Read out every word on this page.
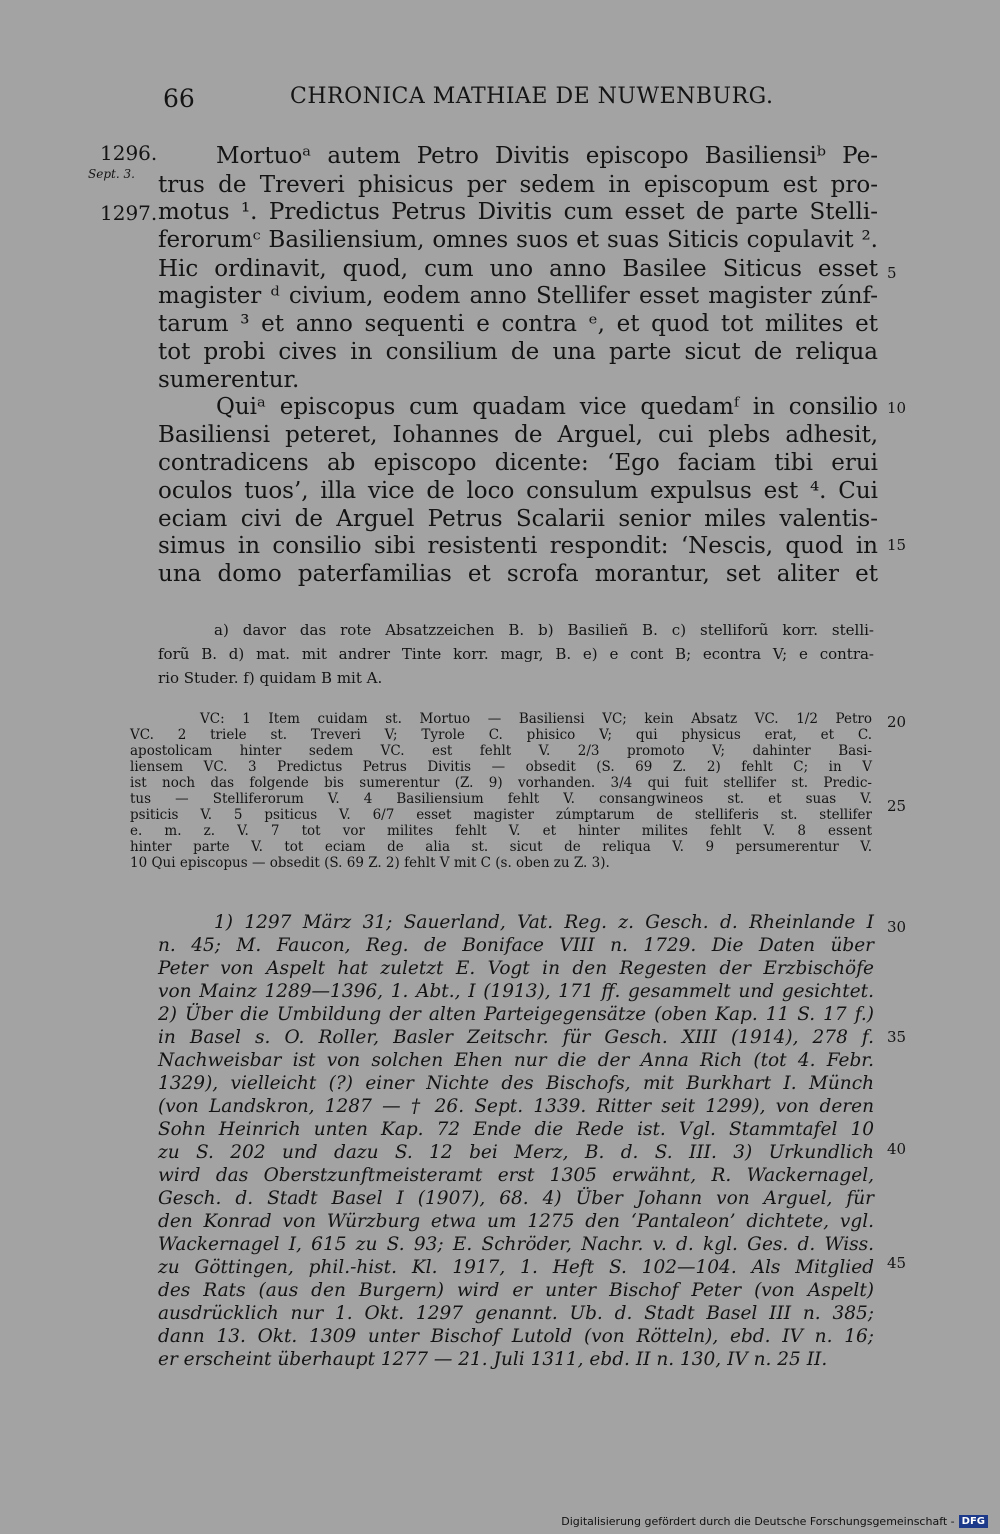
66	CHRONICA MATHIAE DE NUWENBURG.
1296.
Sept. 3.
1297.
5
10
15
20
25
30
35
40
45
Mortuoᵃ autem Petro Divitis episcopo Basiliensiᵇ Pe-
trus de Treveri phisicus per sedem in episcopum est pro-
motus ¹. Predictus Petrus Divitis cum esset de parte Stelli-
ferorumᶜ Basiliensium, omnes suos et suas Siticis copulavit ².
Hic ordinavit, quod, cum uno anno Basilee Siticus esset
magister ᵈ civium, eodem anno Stellifer esset magister zúnf-
tarum ³ et anno sequenti e contra ᵉ, et quod tot milites et
tot probi cives in consilium de una parte sicut de reliqua
sumerentur.
Quiᵃ episcopus cum quadam vice quedamᶠ in consilio
Basiliensi peteret, Iohannes de Arguel, cui plebs adhesit,
contradicens ab episcopo dicente: ‘Ego faciam tibi erui
oculos tuos’, illa vice de loco consulum expulsus est ⁴. Cui
eciam civi de Arguel Petrus Scalarii senior miles valentis-
simus in consilio sibi resistenti respondit: ‘Nescis, quod in
una domo paterfamilias et scrofa morantur, set aliter et
a) davor das rote Absatzzeichen B. b) Basilieñ B. c) stelliforũ korr. stelli-
forũ B. d) mat. mit andrer Tinte korr. magr, B. e) e cont B; econtra V; e contra-
rio Studer. f) quidam B mit A.
VC: 1 Item cuidam st. Mortuo — Basiliensi VC; kein Absatz VC. 1/2 Petro
VC. 2 triele st. Treveri V; Tyrole C. phisico V; qui physicus erat, et C.
apostolicam hinter sedem VC. est fehlt V. 2/3 promoto V; dahinter Basi-
liensem VC. 3 Predictus Petrus Divitis — obsedit (S. 69 Z. 2) fehlt C; in V
ist noch das folgende bis sumerentur (Z. 9) vorhanden. 3/4 qui fuit stellifer st. Predic-
tus — Stelliferorum V. 4 Basiliensium fehlt V. consangwineos st. et suas V.
psiticis V. 5 psiticus V. 6/7 esset magister zúmptarum de stelliferis st. stellifer
e. m. z. V. 7 tot vor milites fehlt V. et hinter milites fehlt V. 8 essent
hinter parte V. tot eciam de alia st. sicut de reliqua V. 9 persumerentur V.
10 Qui episcopus — obsedit (S. 69 Z. 2) fehlt V mit C (s. oben zu Z. 3).
1) 1297 März 31; Sauerland, Vat. Reg. z. Gesch. d. Rheinlande I
n. 45; M. Faucon, Reg. de Boniface VIII n. 1729. Die Daten über
Peter von Aspelt hat zuletzt E. Vogt in den Regesten der Erzbischöfe
von Mainz 1289—1396, 1. Abt., I (1913), 171 ff. gesammelt und gesichtet.
2) Über die Umbildung der alten Parteigegensätze (oben Kap. 11 S. 17 f.)
in Basel s. O. Roller, Basler Zeitschr. für Gesch. XIII (1914), 278 f.
Nachweisbar ist von solchen Ehen nur die der Anna Rich (tot 4. Febr.
1329), vielleicht (?) einer Nichte des Bischofs, mit Burkhart I. Münch
(von Landskron, 1287 — † 26. Sept. 1339. Ritter seit 1299), von deren
Sohn Heinrich unten Kap. 72 Ende die Rede ist. Vgl. Stammtafel 10
zu S. 202 und dazu S. 12 bei Merz, B. d. S. III. 3) Urkundlich
wird das Oberstzunftmeisteramt erst 1305 erwähnt, R. Wackernagel,
Gesch. d. Stadt Basel I (1907), 68. 4) Über Johann von Arguel, für
den Konrad von Würzburg etwa um 1275 den ‘Pantaleon’ dichtete, vgl.
Wackernagel I, 615 zu S. 93; E. Schröder, Nachr. v. d. kgl. Ges. d. Wiss.
zu Göttingen, phil.-hist. Kl. 1917, 1. Heft S. 102—104. Als Mitglied
des Rats (aus den Burgern) wird er unter Bischof Peter (von Aspelt)
ausdrücklich nur 1. Okt. 1297 genannt. Ub. d. Stadt Basel III n. 385;
dann 13. Okt. 1309 unter Bischof Lutold (von Rötteln), ebd. IV n. 16;
er erscheint überhaupt 1277 — 21. Juli 1311, ebd. II n. 130, IV n. 25 II.
Digitalisierung gefördert durch die Deutsche Forschungsgemeinschaft - DFG
